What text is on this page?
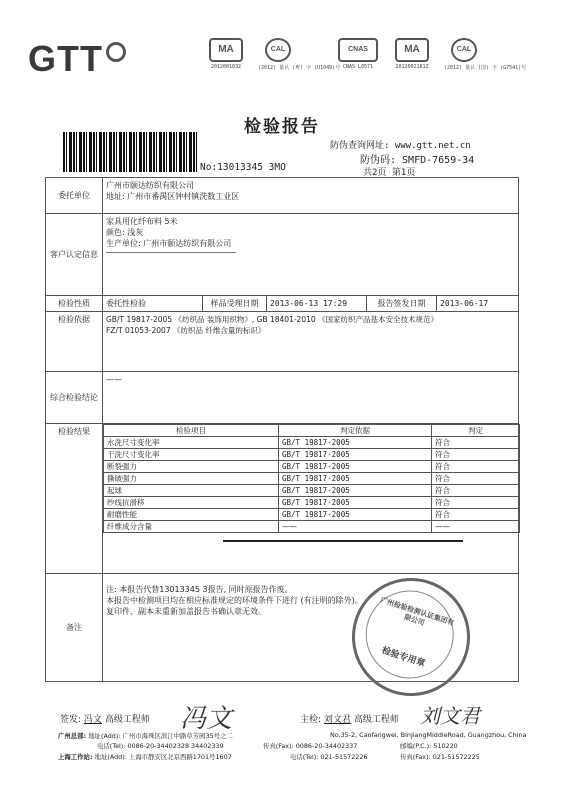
GTT	MA
2012001032
CAL
(2012) 量认 (粤) 字 (U1049)号
CNAS
CNAS L0571
MA
2012002181Z
CAL
(2012) 量认 (国) 字 (G7541)号
检验报告
防伪查询网址: www.gtt.net.cn
防伪码: SMFD-7659-34
共2页 第1页
No:13013345 3MO
委托单位	
广州市颐达纺织有限公司
地址: 广州市番禺区钟村镇洗数工业区

客户认定信息	
家具用化纤布料 5米
颜色: 浅灰
生产单位: 广州市颐达纺织有限公司

检验性质	委托性检验	样品受理日期	2013-06-13 17:29	报告签发日期	2013-06-17
检验依据	GB/T 19817-2005 《纺织品 装饰用织物》, GB 18401-2010 《国家纺织产品基本安全技术规范》
FZ/T 01053-2007 《纺织品 纤维含量的标识》

综合检验结论	——
检验结果		检验项目	判定依据	判定
水洗尺寸变化率	GB/T 19817-2005	符合
干洗尺寸变化率	GB/T 19817-2005	符合
断裂强力	GB/T 19817-2005	符合
撕破强力	GB/T 19817-2005	符合
起球	GB/T 19817-2005	符合
纱线抗滑移	GB/T 19817-2005	符合
耐磨性能	GB/T 19817-2005	符合
纤维成分含量	——	——

备注	
注: 本报告代替13013345 3报告, 同时原报告作废。
本报告中检测项目均在相应标准规定的环境条件下进行 (有注明的除外)。
复印件、副本未重新加盖报告书确认章无效。	广州检验检测认证集团有限公司
检验专用章
签发: 冯文 高级工程师 冯文	主检: 刘文君 高级工程师 刘文君
广州总部: 地址(Add): 广州市海珠区滨江中路草芳园35号之二	No.35-2, Caofangwei, BinjiangMiddleRoad, Guangzhou, China
电话(Tel): 0086-20-34402328 34402339	传真(Fax): 0086-20-34402337	邮编(P.C.): 510220
上海工作站: 地址(Add): 上海市静安区北京西路1701号1607	电话(Tel): 021-51572226	传真(Fax): 021-51572225
